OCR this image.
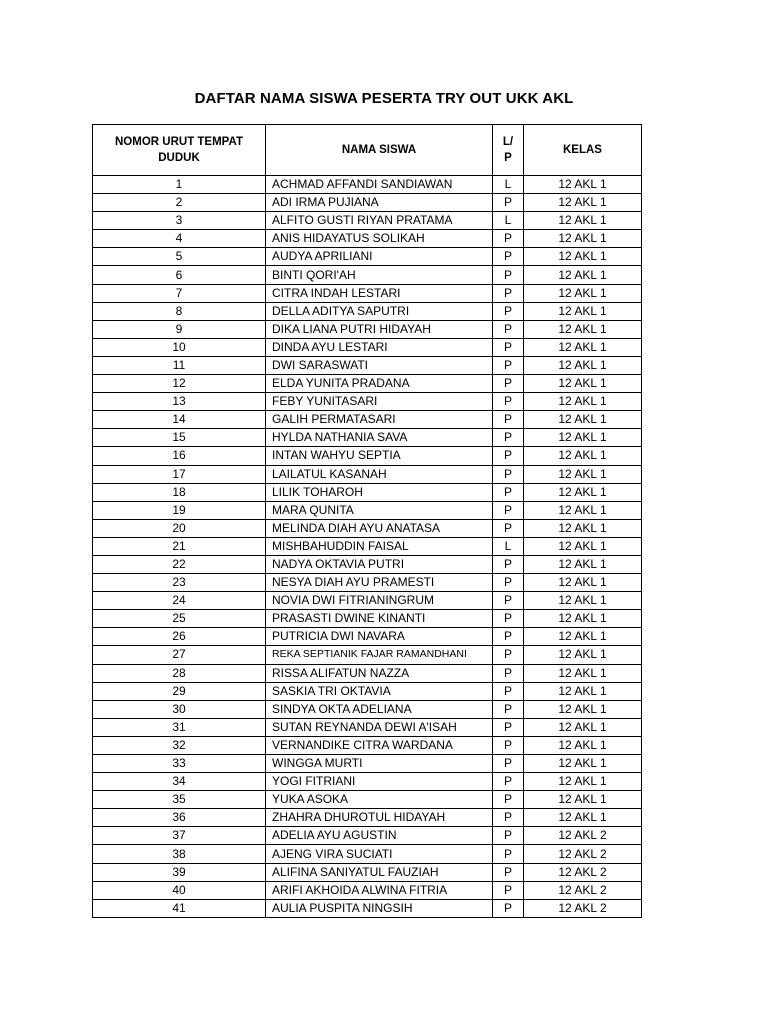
DAFTAR NAMA SISWA PESERTA TRY OUT UKK AKL
NOMOR URUT TEMPAT DUDUK	NAMA SISWA	L/ P	KELAS
1	ACHMAD AFFANDI SANDIAWAN	L	12 AKL 1
2	ADI IRMA PUJIANA	P	12 AKL 1
3	ALFITO GUSTI RIYAN PRATAMA	L	12 AKL 1
4	ANIS HIDAYATUS SOLIKAH	P	12 AKL 1
5	AUDYA APRILIANI	P	12 AKL 1
6	BINTI QORI'AH	P	12 AKL 1
7	CITRA INDAH LESTARI	P	12 AKL 1
8	DELLA ADITYA SAPUTRI	P	12 AKL 1
9	DIKA LIANA PUTRI HIDAYAH	P	12 AKL 1
10	DINDA AYU LESTARI	P	12 AKL 1
11	DWI SARASWATI	P	12 AKL 1
12	ELDA YUNITA PRADANA	P	12 AKL 1
13	FEBY YUNITASARI	P	12 AKL 1
14	GALIH PERMATASARI	P	12 AKL 1
15	HYLDA NATHANIA SAVA	P	12 AKL 1
16	INTAN WAHYU SEPTIA	P	12 AKL 1
17	LAILATUL KASANAH	P	12 AKL 1
18	LILIK TOHAROH	P	12 AKL 1
19	MARA QUNITA	P	12 AKL 1
20	MELINDA DIAH AYU ANATASA	P	12 AKL 1
21	MISHBAHUDDIN FAISAL	L	12 AKL 1
22	NADYA OKTAVIA PUTRI	P	12 AKL 1
23	NESYA DIAH AYU PRAMESTI	P	12 AKL 1
24	NOVIA DWI FITRIANINGRUM	P	12 AKL 1
25	PRASASTI DWINE KINANTI	P	12 AKL 1
26	PUTRICIA DWI NAVARA	P	12 AKL 1
27	REKA SEPTIANIK FAJAR RAMANDHANI	P	12 AKL 1
28	RISSA ALIFATUN NAZZA	P	12 AKL 1
29	SASKIA TRI OKTAVIA	P	12 AKL 1
30	SINDYA OKTA ADELIANA	P	12 AKL 1
31	SUTAN REYNANDA DEWI A'ISAH	P	12 AKL 1
32	VERNANDIKE CITRA WARDANA	P	12 AKL 1
33	WINGGA MURTI	P	12 AKL 1
34	YOGI FITRIANI	P	12 AKL 1
35	YUKA ASOKA	P	12 AKL 1
36	ZHAHRA DHUROTUL HIDAYAH	P	12 AKL 1
37	ADELIA AYU AGUSTIN	P	12 AKL 2
38	AJENG VIRA SUCIATI	P	12 AKL 2
39	ALIFINA SANIYATUL FAUZIAH	P	12 AKL 2
40	ARIFI AKHOIDA ALWINA FITRIA	P	12 AKL 2
41	AULIA PUSPITA NINGSIH	P	12 AKL 2
